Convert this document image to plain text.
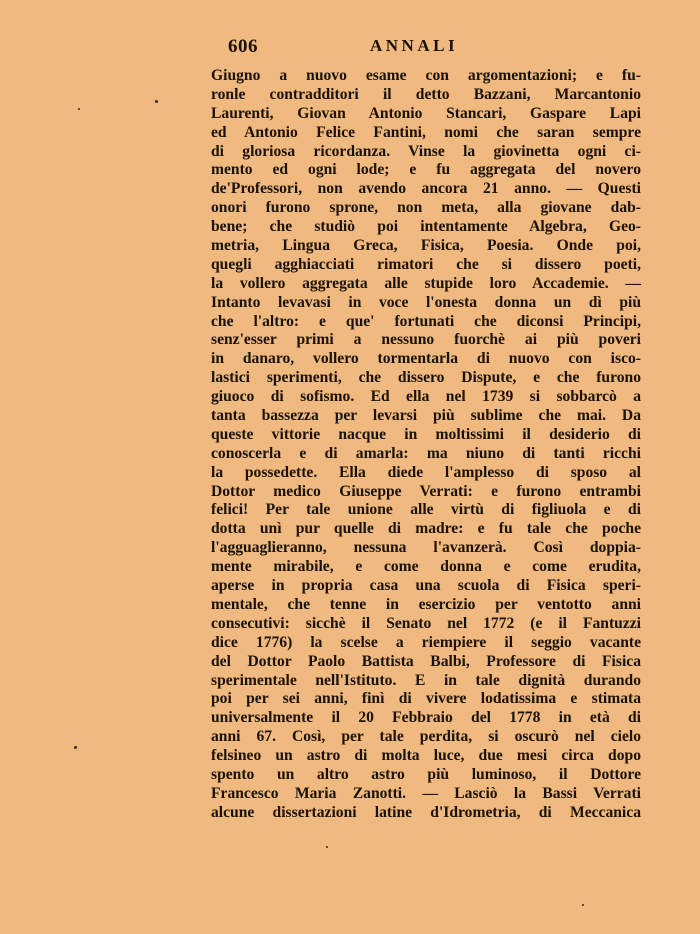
606	ANNALI
Giugno a nuovo esame con argomentazioni; e fu-
ronle contradditori il detto Bazzani, Marcantonio
Laurenti, Giovan Antonio Stancari, Gaspare Lapi
ed Antonio Felice Fantini, nomi che saran sempre
di gloriosa ricordanza. Vinse la giovinetta ogni ci-
mento ed ogni lode; e fu aggregata del novero
de'Professori, non avendo ancora 21 anno. — Questi
onori furono sprone, non meta, alla giovane dab-
bene; che studiò poi intentamente Algebra, Geo-
metria, Lingua Greca, Fisica, Poesia. Onde poi,
quegli agghiacciati rimatori che si dissero poeti,
la vollero aggregata alle stupide loro Accademie. —
Intanto levavasi in voce l'onesta donna un dì più
che l'altro: e que' fortunati che diconsi Principi,
senz'esser primi a nessuno fuorchè ai più poveri
in danaro, vollero tormentarla di nuovo con isco-
lastici sperimenti, che dissero Dispute, e che furono
giuoco di sofismo. Ed ella nel 1739 si sobbarcò a
tanta bassezza per levarsi più sublime che mai. Da
queste vittorie nacque in moltissimi il desiderio di
conoscerla e di amarla: ma niuno di tanti ricchi
la possedette. Ella diede l'amplesso di sposo al
Dottor medico Giuseppe Verrati: e furono entrambi
felici! Per tale unione alle virtù di figliuola e di
dotta unì pur quelle di madre: e fu tale che poche
l'agguaglieranno, nessuna l'avanzerà. Così doppia-
mente mirabile, e come donna e come erudita,
aperse in propria casa una scuola di Fisica speri-
mentale, che tenne in esercizio per ventotto anni
consecutivi: sicchè il Senato nel 1772 (e il Fantuzzi
dice 1776) la scelse a riempiere il seggio vacante
del Dottor Paolo Battista Balbi, Professore di Fisica
sperimentale nell'Istituto. E in tale dignità durando
poi per sei anni, finì di vivere lodatissima e stimata
universalmente il 20 Febbraio del 1778 in età di
anni 67. Così, per tale perdita, si oscurò nel cielo
felsineo un astro di molta luce, due mesi circa dopo
spento un altro astro più luminoso, il Dottore
Francesco Maria Zanotti. — Lasciò la Bassi Verrati
alcune dissertazioni latine d'Idrometria, di Meccanica
